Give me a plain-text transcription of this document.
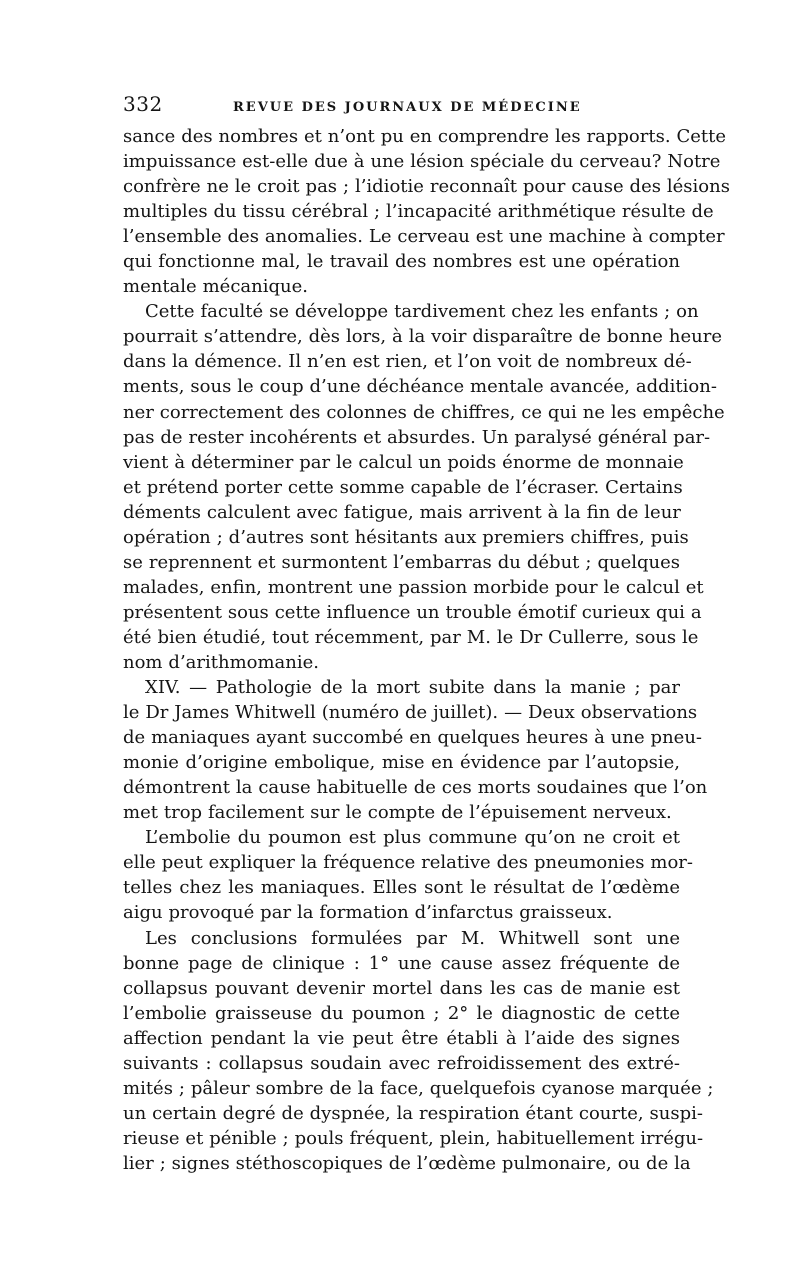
332	REVUE DES JOURNAUX DE MÉDECINE
sance des nombres et n’ont pu en comprendre les rapports. Cette
impuissance est-elle due à une lésion spéciale du cerveau? Notre
confrère ne le croit pas ; l’idiotie reconnaît pour cause des lésions
multiples du tissu cérébral ; l’incapacité arithmétique résulte de
l’ensemble des anomalies. Le cerveau est une machine à compter
qui fonctionne mal, le travail des nombres est une opération
mentale mécanique.
Cette faculté se développe tardivement chez les enfants ; on
pourrait s’attendre, dès lors, à la voir disparaître de bonne heure
dans la démence. Il n’en est rien, et l’on voit de nombreux dé-
ments, sous le coup d’une déchéance mentale avancée, addition-
ner correctement des colonnes de chiffres, ce qui ne les empêche
pas de rester incohérents et absurdes. Un paralysé général par-
vient à déterminer par le calcul un poids énorme de monnaie
et prétend porter cette somme capable de l’écraser. Certains
déments calculent avec fatigue, mais arrivent à la fin de leur
opération ; d’autres sont hésitants aux premiers chiffres, puis
se reprennent et surmontent l’embarras du début ; quelques
malades, enfin, montrent une passion morbide pour le calcul et
présentent sous cette influence un trouble émotif curieux qui a
été bien étudié, tout récemment, par M. le Dr Cullerre, sous le
nom d’arithmomanie.
XIV. — Pathologie de la mort subite dans la manie ; par
le Dr James Whitwell (numéro de juillet). — Deux observations
de maniaques ayant succombé en quelques heures à une pneu-
monie d’origine embolique, mise en évidence par l’autopsie,
démontrent la cause habituelle de ces morts soudaines que l’on
met trop facilement sur le compte de l’épuisement nerveux.
L’embolie du poumon est plus commune qu’on ne croit et
elle peut expliquer la fréquence relative des pneumonies mor-
telles chez les maniaques. Elles sont le résultat de l’œdème
aigu provoqué par la formation d’infarctus graisseux.
Les conclusions formulées par M. Whitwell sont une
bonne page de clinique : 1° une cause assez fréquente de
collapsus pouvant devenir mortel dans les cas de manie est
l’embolie graisseuse du poumon ; 2° le diagnostic de cette
affection pendant la vie peut être établi à l’aide des signes
suivants : collapsus soudain avec refroidissement des extré-
mités ; pâleur sombre de la face, quelquefois cyanose marquée ;
un certain degré de dyspnée, la respiration étant courte, suspi-
rieuse et pénible ; pouls fréquent, plein, habituellement irrégu-
lier ; signes stéthoscopiques de l’œdème pulmonaire, ou de la
